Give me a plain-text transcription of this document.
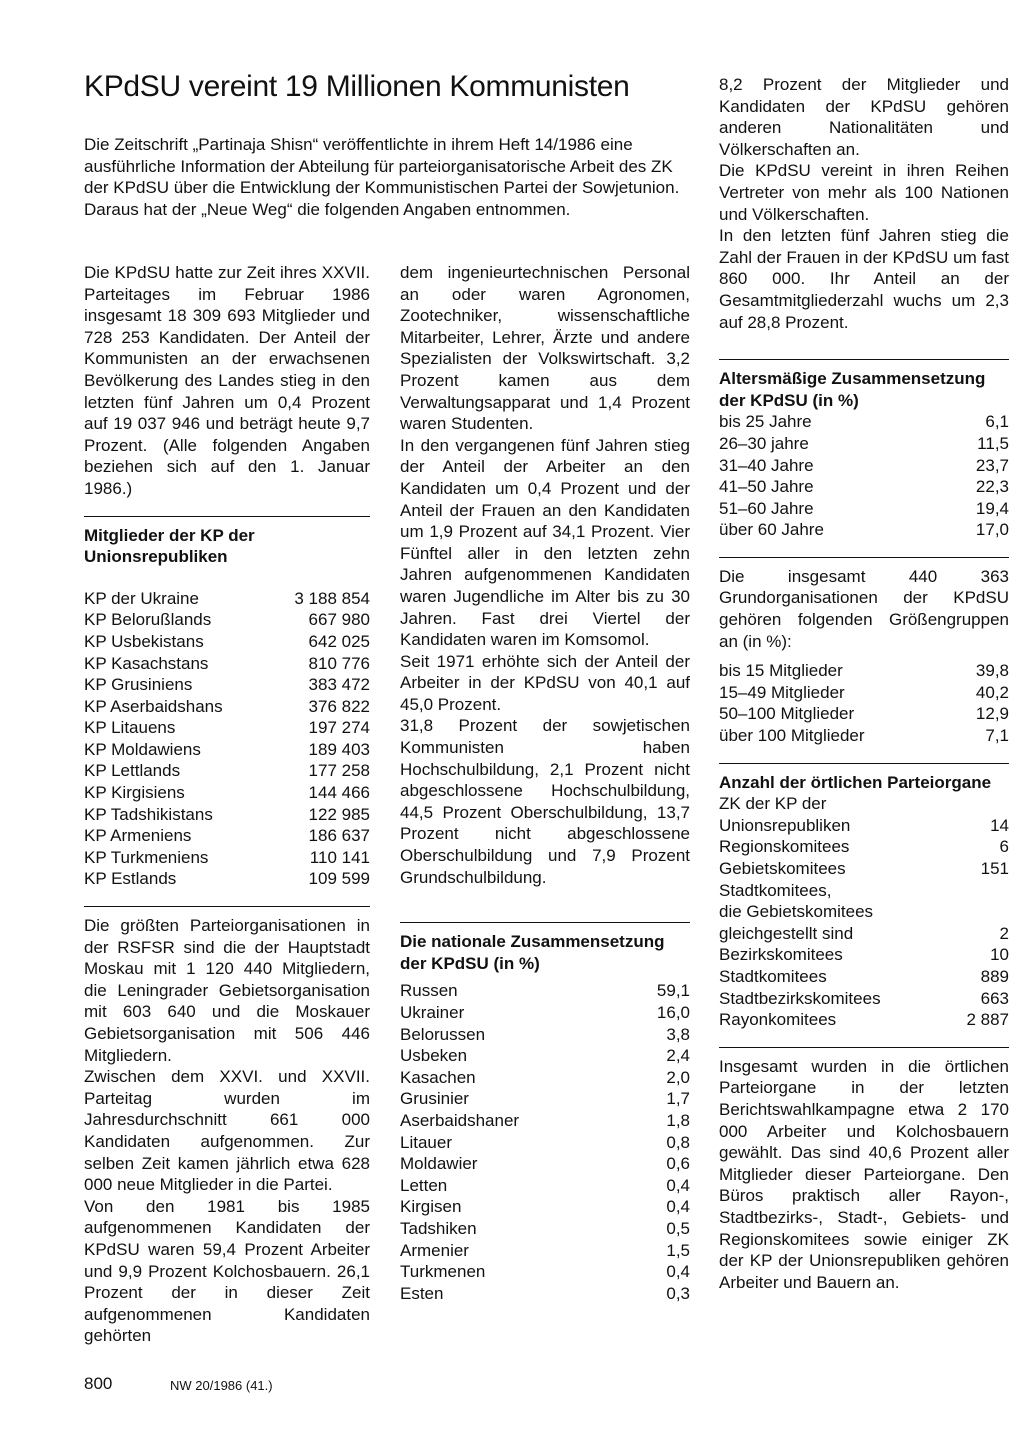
KPdSU vereint 19 Millionen Kommunisten
Die Zeitschrift „Partinaja Shisn“ veröffentlichte in ihrem Heft 14/1986 eine ausführliche Information der Abteilung für parteiorganisatorische Arbeit des ZK der KPdSU über die Entwicklung der Kommunistischen Partei der Sowjetunion. Daraus hat der „Neue Weg“ die folgenden Angaben entnommen.

Die KPdSU hatte zur Zeit ihres XXVII. Parteitages im Februar 1986 insgesamt 18 309 693 Mitglieder und 728 253 Kandidaten. Der Anteil der Kommunisten an der erwachsenen Bevölkerung des Landes stieg in den letzten fünf Jahren um 0,4 Prozent auf 19 037 946 und beträgt heute 9,7 Prozent. (Alle folgenden Angaben beziehen sich auf den 1. Januar 1986.)

Mitglieder der KP der Unionsrepubliken
KP der Ukraine	3 188 854
KP Belorußlands	667 980
KP Usbekistans	642 025
KP Kasachstans	810 776
KP Grusiniens	383 472
KP Aserbaidshans	376 822
KP Litauens	197 274
KP Moldawiens	189 403
KP Lettlands	177 258
KP Kirgisiens	144 466
KP Tadshikistans	122 985
KP Armeniens	186 637
KP Turkmeniens	110 141
KP Estlands	109 599

Die größten Parteiorganisationen in der RSFSR sind die der Hauptstadt Moskau mit 1 120 440 Mitgliedern, die Leningrader Gebietsorganisation mit 603 640 und die Moskauer Gebietsorganisation mit 506 446 Mitgliedern.

Zwischen dem XXVI. und XXVII. Parteitag wurden im Jahresdurchschnitt 661 000 Kandidaten aufgenommen. Zur selben Zeit kamen jährlich etwa 628 000 neue Mitglieder in die Partei.

Von den 1981 bis 1985 aufgenommenen Kandidaten der KPdSU waren 59,4 Prozent Arbeiter und 9,9 Prozent Kolchosbauern. 26,1 Prozent der in dieser Zeit aufgenommenen Kandidaten gehörten

dem ingenieurtechnischen Personal an oder waren Agronomen, Zootechniker, wissenschaftliche Mitarbeiter, Lehrer, Ärzte und andere Spezialisten der Volkswirtschaft. 3,2 Prozent kamen aus dem Verwaltungsapparat und 1,4 Prozent waren Studenten.

In den vergangenen fünf Jahren stieg der Anteil der Arbeiter an den Kandidaten um 0,4 Prozent und der Anteil der Frauen an den Kandidaten um 1,9 Prozent auf 34,1 Prozent. Vier Fünftel aller in den letzten zehn Jahren aufgenommenen Kandidaten waren Jugendliche im Alter bis zu 30 Jahren. Fast drei Viertel der Kandidaten waren im Komsomol.

Seit 1971 erhöhte sich der Anteil der Arbeiter in der KPdSU von 40,1 auf 45,0 Prozent.

31,8 Prozent der sowjetischen Kommunisten haben Hochschulbildung, 2,1 Prozent nicht abgeschlossene Hochschulbildung, 44,5 Prozent Oberschulbildung, 13,7 Prozent nicht abgeschlossene Oberschulbildung und 7,9 Prozent Grundschulbildung.

Die nationale Zusammensetzung der KPdSU (in %)
Russen	59,1
Ukrainer	16,0
Belorussen	3,8
Usbeken	2,4
Kasachen	2,0
Grusinier	1,7
Aserbaidshaner	1,8
Litauer	0,8
Moldawier	0,6
Letten	0,4
Kirgisen	0,4
Tadshiken	0,5
Armenier	1,5
Turkmenen	0,4
Esten	0,3

8,2 Prozent der Mitglieder und Kandidaten der KPdSU gehören anderen Nationalitäten und Völkerschaften an.

Die KPdSU vereint in ihren Reihen Vertreter von mehr als 100 Nationen und Völkerschaften.

In den letzten fünf Jahren stieg die Zahl der Frauen in der KPdSU um fast 860 000. Ihr Anteil an der Gesamtmitgliederzahl wuchs um 2,3 auf 28,8 Prozent.

Altersmäßige Zusammensetzung der KPdSU (in %)
bis 25 Jahre	6,1
26–30 jahre	11,5
31–40 Jahre	23,7
41–50 Jahre	22,3
51–60 Jahre	19,4
über 60 Jahre	17,0

Die insgesamt 440 363 Grundorganisationen der KPdSU gehören folgenden Größengruppen an (in %):

bis 15 Mitglieder	39,8
15–49 Mitglieder	40,2
50–100 Mitglieder	12,9
über 100 Mitglieder	7,1
Anzahl der örtlichen Parteiorgane
ZK der KP der
Unionsrepubliken	14
Regionskomitees	6
Gebietskomitees	151
Stadtkomitees,
die Gebietskomitees
gleichgestellt sind	2
Bezirkskomitees	10
Stadtkomitees	889
Stadtbezirkskomitees	663
Rayonkomitees	2 887

Insgesamt wurden in die örtlichen Parteiorgane in der letzten Berichtswahlkampagne etwa 2 170 000 Arbeiter und Kolchosbauern gewählt. Das sind 40,6 Prozent aller Mitglieder dieser Parteiorgane. Den Büros praktisch aller Rayon-, Stadtbezirks-, Stadt-, Gebiets- und Regionskomitees sowie einiger ZK der KP der Unionsrepubliken gehören Arbeiter und Bauern an.

800	NW 20/1986 (41.)
